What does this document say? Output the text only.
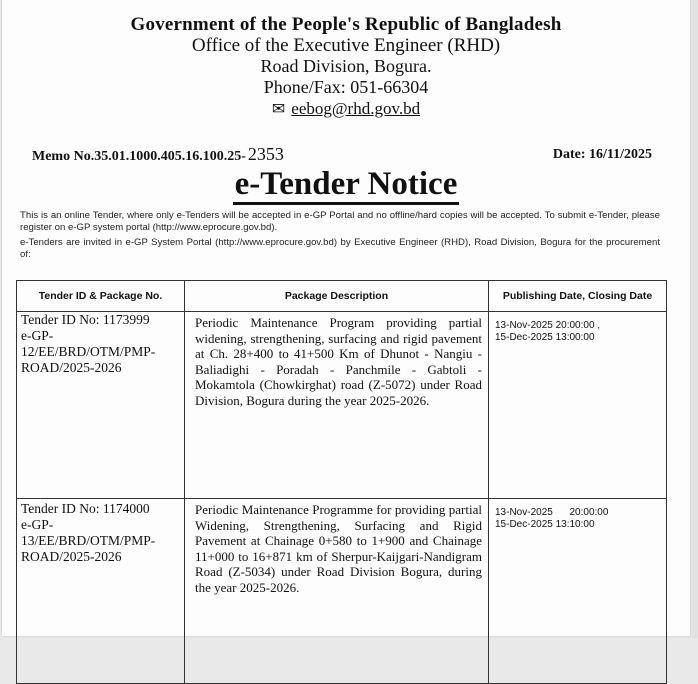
Government of the People's Republic of Bangladesh
Office of the Executive Engineer (RHD)
Road Division, Bogura.
Phone/Fax: 051-66304
✉ eebog@rhd.gov.bd
Memo No.35.01.1000.405.16.100.25- 2353	Date: 16/11/2025
e-Tender Notice

This is an online Tender, where only e-Tenders will be accepted in e-GP Portal and no offline/hard copies will be accepted. To submit e-Tender, please register on e-GP system portal (http://www.eprocure.gov.bd).

e-Tenders are invited in e-GP System Portal (http://www.eprocure.gov.bd) by Executive Engineer (RHD), Road Division, Bogura for the procurement of:

Tender ID & Package No.	Package Description	Publishing Date, Closing Date
Tender ID No: 1173999
e-GP-12/EE/BRD/OTM/PMP-ROAD/2025-2026	Periodic Maintenance Program providing partial widening, strengthening, surfacing and rigid pavement at Ch. 28+400 to 41+500 Km of Dhunot - Nangiu - Baliadighi - Poradah - Panchmile - Gabtoli - Mokamtola (Chowkirghat) road (Z-5072) under Road Division, Bogura during the year 2025-2026.	13-Nov-2025 20:00:00 ,
15-Dec-2025 13:00:00

Tender ID No: 1174000
e-GP-13/EE/BRD/OTM/PMP-ROAD/2025-2026	Periodic Maintenance Programme for providing partial Widening, Strengthening, Surfacing and Rigid Pavement at Chainage 0+580 to 1+900 and Chainage 11+000 to 16+871 km of Sherpur-Kaijgari-Nandigram Road (Z-5034) under Road Division Bogura, during the year 2025-2026.	13-Nov-2025      20:00:00
15-Dec-2025 13:10:00
